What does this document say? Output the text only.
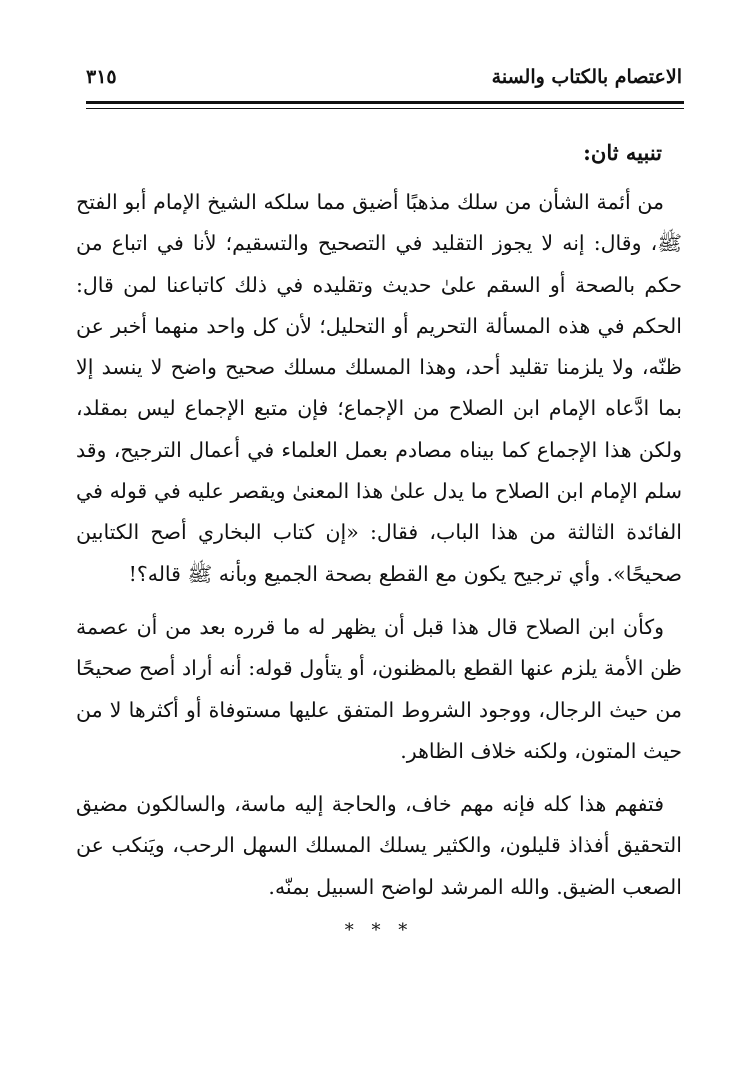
الاعتصام بالكتاب والسنة
٣١٥

تنبيه ثان:

من أئمة الشأن من سلك مذهبًا أضيق مما سلكه الشيخ الإمام أبو الفتح ﷺ، وقال: إنه لا يجوز التقليد في التصحيح والتسقيم؛ لأنا في اتباع من حكم بالصحة أو السقم علىٰ حديث وتقليده في ذلك كاتباعنا لمن قال: الحكم في هذه المسألة التحريم أو التحليل؛ لأن كل واحد منهما أخبر عن ظنّه، ولا يلزمنا تقليد أحد، وهذا المسلك مسلك صحيح واضح لا ينسد إلا بما ادَّعاه الإمام ابن الصلاح من الإجماع؛ فإن متبع الإجماع ليس بمقلد، ولكن هذا الإجماع كما بيناه مصادم بعمل العلماء في أعمال الترجيح، وقد سلم الإمام ابن الصلاح ما يدل علىٰ هذا المعنىٰ ويقصر عليه في قوله في الفائدة الثالثة من هذا الباب، فقال: «إن كتاب البخاري أصح الكتابين صحيحًا». وأي ترجيح يكون مع القطع بصحة الجميع وبأنه ﷺ قاله؟!

وكأن ابن الصلاح قال هذا قبل أن يظهر له ما قرره بعد من أن عصمة ظن الأمة يلزم عنها القطع بالمظنون، أو يتأول قوله: أنه أراد أصح صحيحًا من حيث الرجال، ووجود الشروط المتفق عليها مستوفاة أو أكثرها لا من حيث المتون، ولكنه خلاف الظاهر.

فتفهم هذا كله فإنه مهم خاف، والحاجة إليه ماسة، والسالكون مضيق التحقيق أفذاذ قليلون، والكثير يسلك المسلك السهل الرحب، ويَنكب عن الصعب الضيق. والله المرشد لواضح السبيل بمنّه.

* * *
